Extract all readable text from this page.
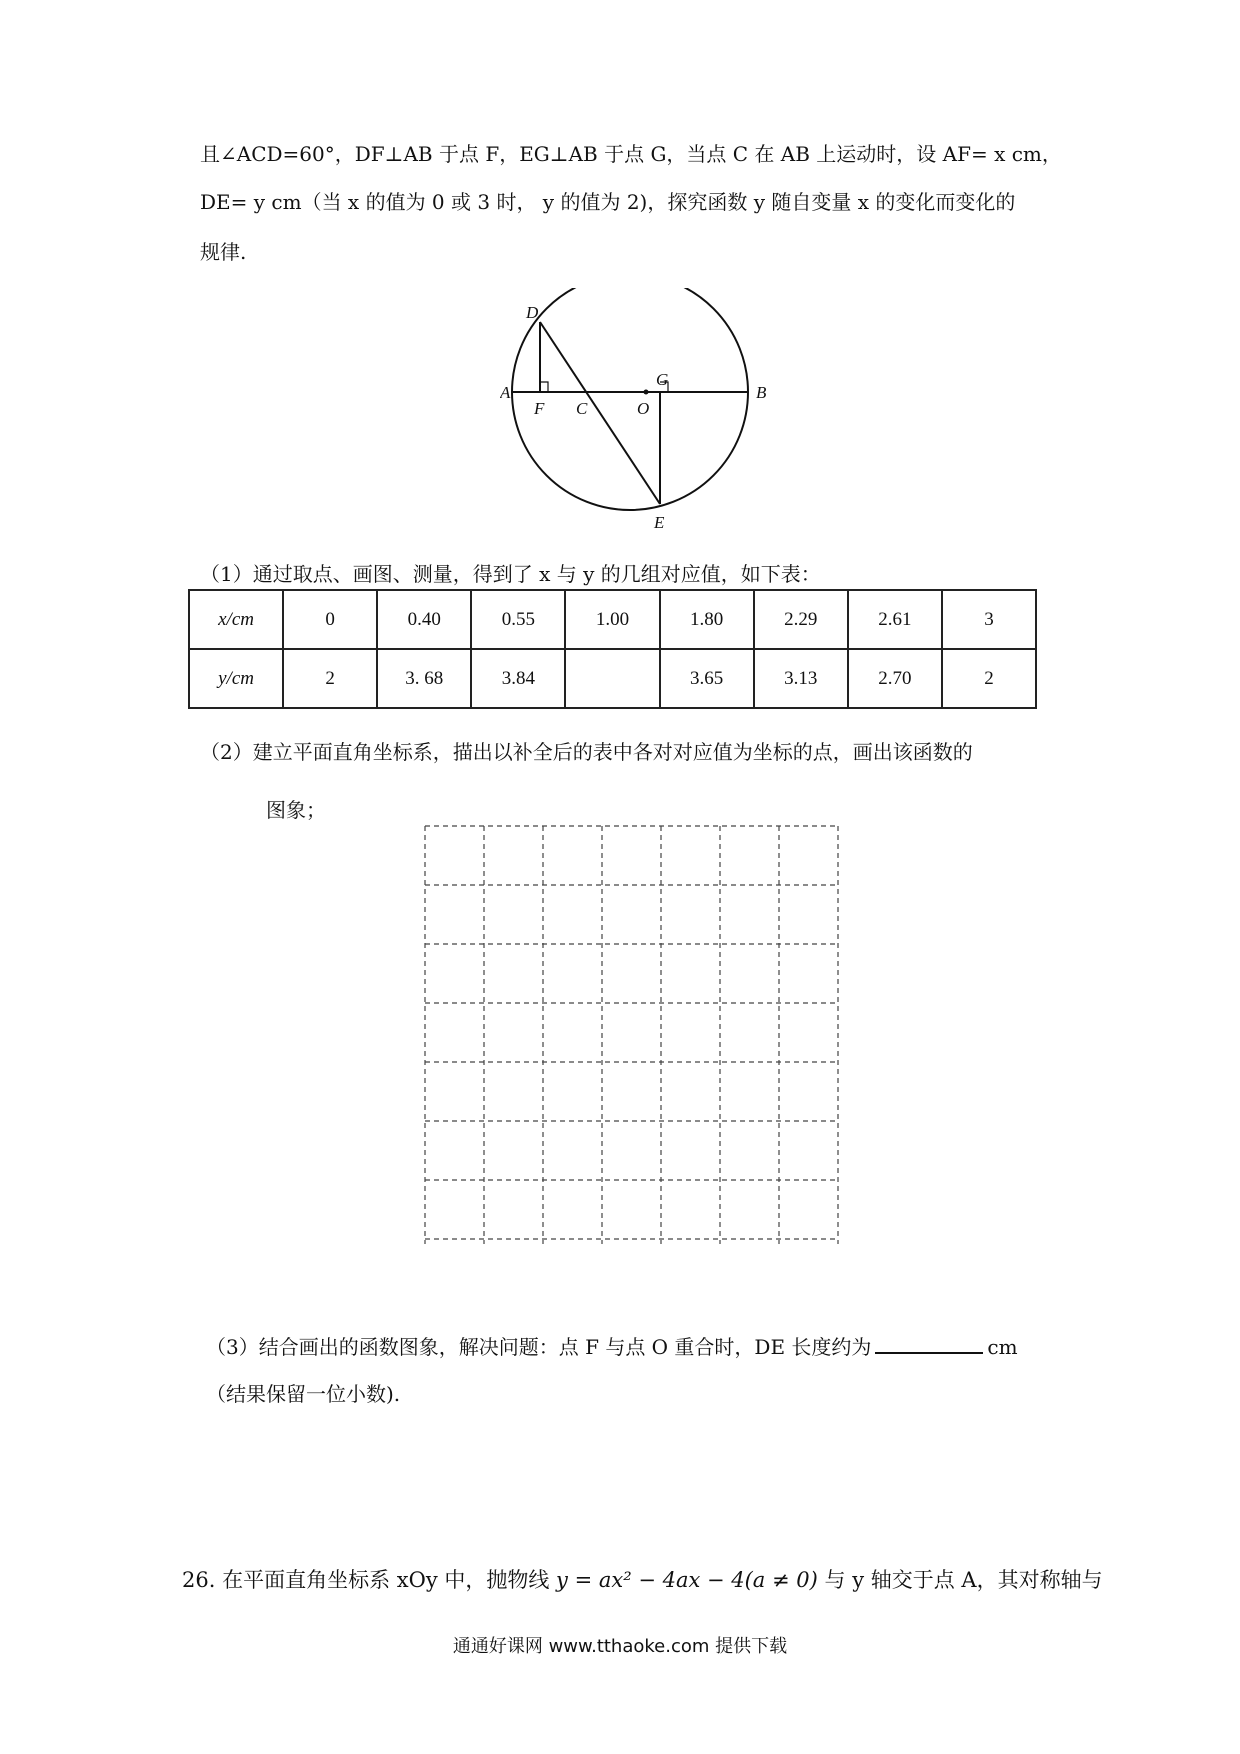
且∠ACD=60°，DF⊥AB 于点 F，EG⊥AB 于点 G，当点 C 在 AB 上运动时，设 AF= x cm，
DE= y cm（当 x 的值为 0 或 3 时， y 的值为 2)，探究函数 y 随自变量 x 的变化而变化的
规律.
D
A
F C	O
G
B
E
（1）通过取点、画图、测量，得到了 x 与 y 的几组对应值，如下表：
x/cm	0	0.40	0.55	1.00	1.80	2.29	2.61	3
y/cm	2	3. 68	3.84		3.65	3.13	2.70	2
（2）建立平面直角坐标系，描出以补全后的表中各对对应值为坐标的点，画出该函数的
图象；
（3）结合画出的函数图象，解决问题：点 F 与点 O 重合时，DE 长度约为	cm
（结果保留一位小数).
26. 在平面直角坐标系 xOy 中，抛物线 y = ax² − 4ax − 4(a ≠ 0) 与 y 轴交于点 A，其对称轴与
通通好课网 www.tthaoke.com 提供下载
